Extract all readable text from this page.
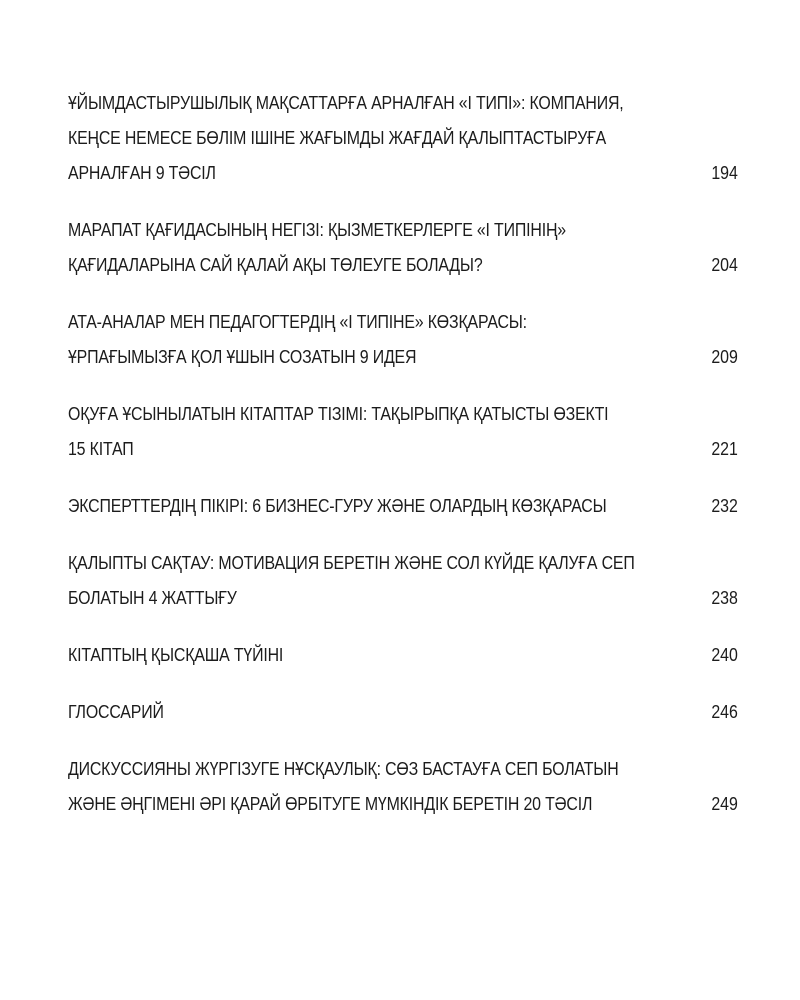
ҰЙЫМДАСТЫРУШЫЛЫҚ МАҚСАТТАРҒА АРНАЛҒАН «І ТИПІ»: КОМПАНИЯ,
КЕҢСЕ НЕМЕСЕ БӨЛІМ ІШІНЕ ЖАҒЫМДЫ ЖАҒДАЙ ҚАЛЫПТАСТЫРУҒА
АРНАЛҒАН 9 ТӘСІЛ	194
МАРАПАТ ҚАҒИДАСЫНЫҢ НЕГІЗІ: ҚЫЗМЕТКЕРЛЕРГЕ «І ТИПІНІҢ»
ҚАҒИДАЛАРЫНА САЙ ҚАЛАЙ АҚЫ ТӨЛЕУГЕ БОЛАДЫ?	204
АТА-АНАЛАР МЕН ПЕДАГОГТЕРДІҢ «І ТИПІНЕ» КӨЗҚАРАСЫ:
ҰРПАҒЫМЫЗҒА ҚОЛ ҰШЫН СОЗАТЫН 9 ИДЕЯ	209
ОҚУҒА ҰСЫНЫЛАТЫН КІТАПТАР ТІЗІМІ: ТАҚЫРЫПҚА ҚАТЫСТЫ ӨЗЕКТІ
15 КІТАП	221
ЭКСПЕРТТЕРДІҢ ПІКІРІ: 6 БИЗНЕС-ГУРУ ЖӘНЕ ОЛАРДЫҢ КӨЗҚАРАСЫ	232
ҚАЛЫПТЫ САҚТАУ: МОТИВАЦИЯ БЕРЕТІН ЖӘНЕ СОЛ КҮЙДЕ ҚАЛУҒА СЕП
БОЛАТЫН 4 ЖАТТЫҒУ	238
КІТАПТЫҢ ҚЫСҚАША ТҮЙІНІ	240
ГЛОССАРИЙ	246
ДИСКУССИЯНЫ ЖҮРГІЗУГЕ НҰСҚАУЛЫҚ: СӨЗ БАСТАУҒА СЕП БОЛАТЫН
ЖӘНЕ ӘҢГІМЕНІ ӘРІ ҚАРАЙ ӨРБІТУГЕ МҮМКІНДІК БЕРЕТІН 20 ТӘСІЛ	249
